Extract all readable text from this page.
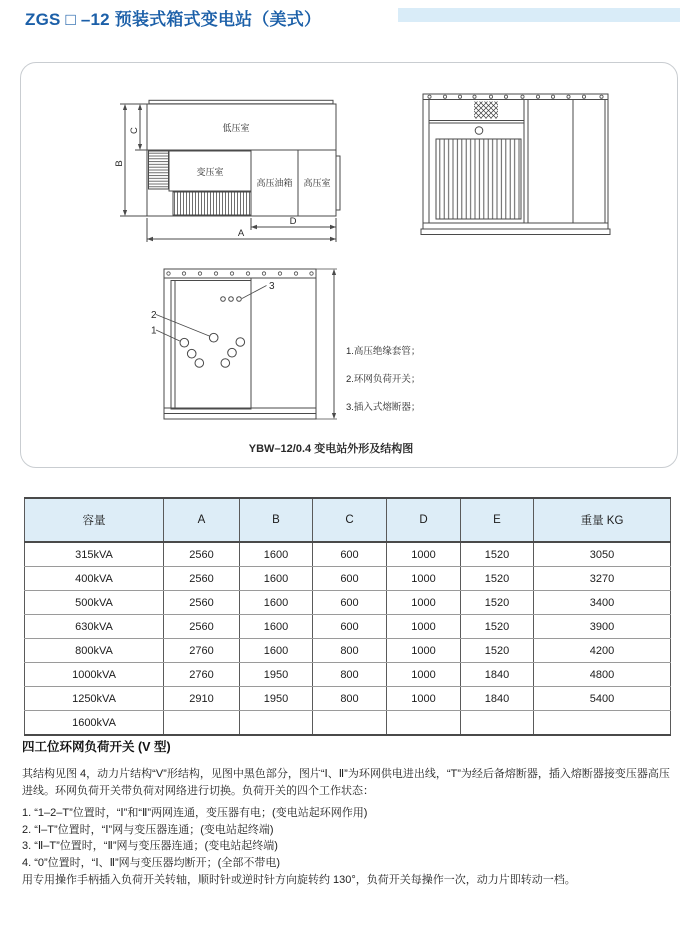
ZGS □ –12 预装式箱式变电站（美式）
低压室
变压室
高压油箱 高压室
C
B
D
A
1
2
3
1.高压绝缘套管；
2.环网负荷开关；
3.插入式熔断器；
YBW–12/0.4 变电站外形及结构图
容量	A	B	C	D	E	重量 KG
315kVA	2560	1600	600	1000	1520	3050
400kVA	2560	1600	600	1000	1520	3270
500kVA	2560	1600	600	1000	1520	3400
630kVA	2560	1600	600	1000	1520	3900
800kVA	2760	1600	800	1000	1520	4200
1000kVA	2760	1950	800	1000	1840	4800
1250kVA	2910	1950	800	1000	1840	5400
1600kVA						
四工位环网负荷开关 (V 型)
其结构见图 4，动力片结构“V”形结构，见图中黑色部分，图片“Ⅰ、Ⅱ”为环网供电进出线，“T”为经后备熔断器，插入熔断器接变压器高压进线。环网负荷开关带负荷对网络进行切换。负荷开关的四个工作状态：
1. “1–2–T”位置时，“Ⅰ”和“Ⅱ”两网连通，变压器有电；(变电站起环网作用)
2. “Ⅰ–T”位置时，“Ⅰ”网与变压器连通；(变电站起终端)
3. “Ⅱ–T”位置时，“Ⅱ”网与变压器连通；(变电站起终端)
4. “0”位置时，“Ⅰ、Ⅱ”网与变压器均断开；(全部不带电)
用专用操作手柄插入负荷开关转轴，顺时针或逆时针方向旋转约 130°，负荷开关每操作一次，动力片即转动一档。
